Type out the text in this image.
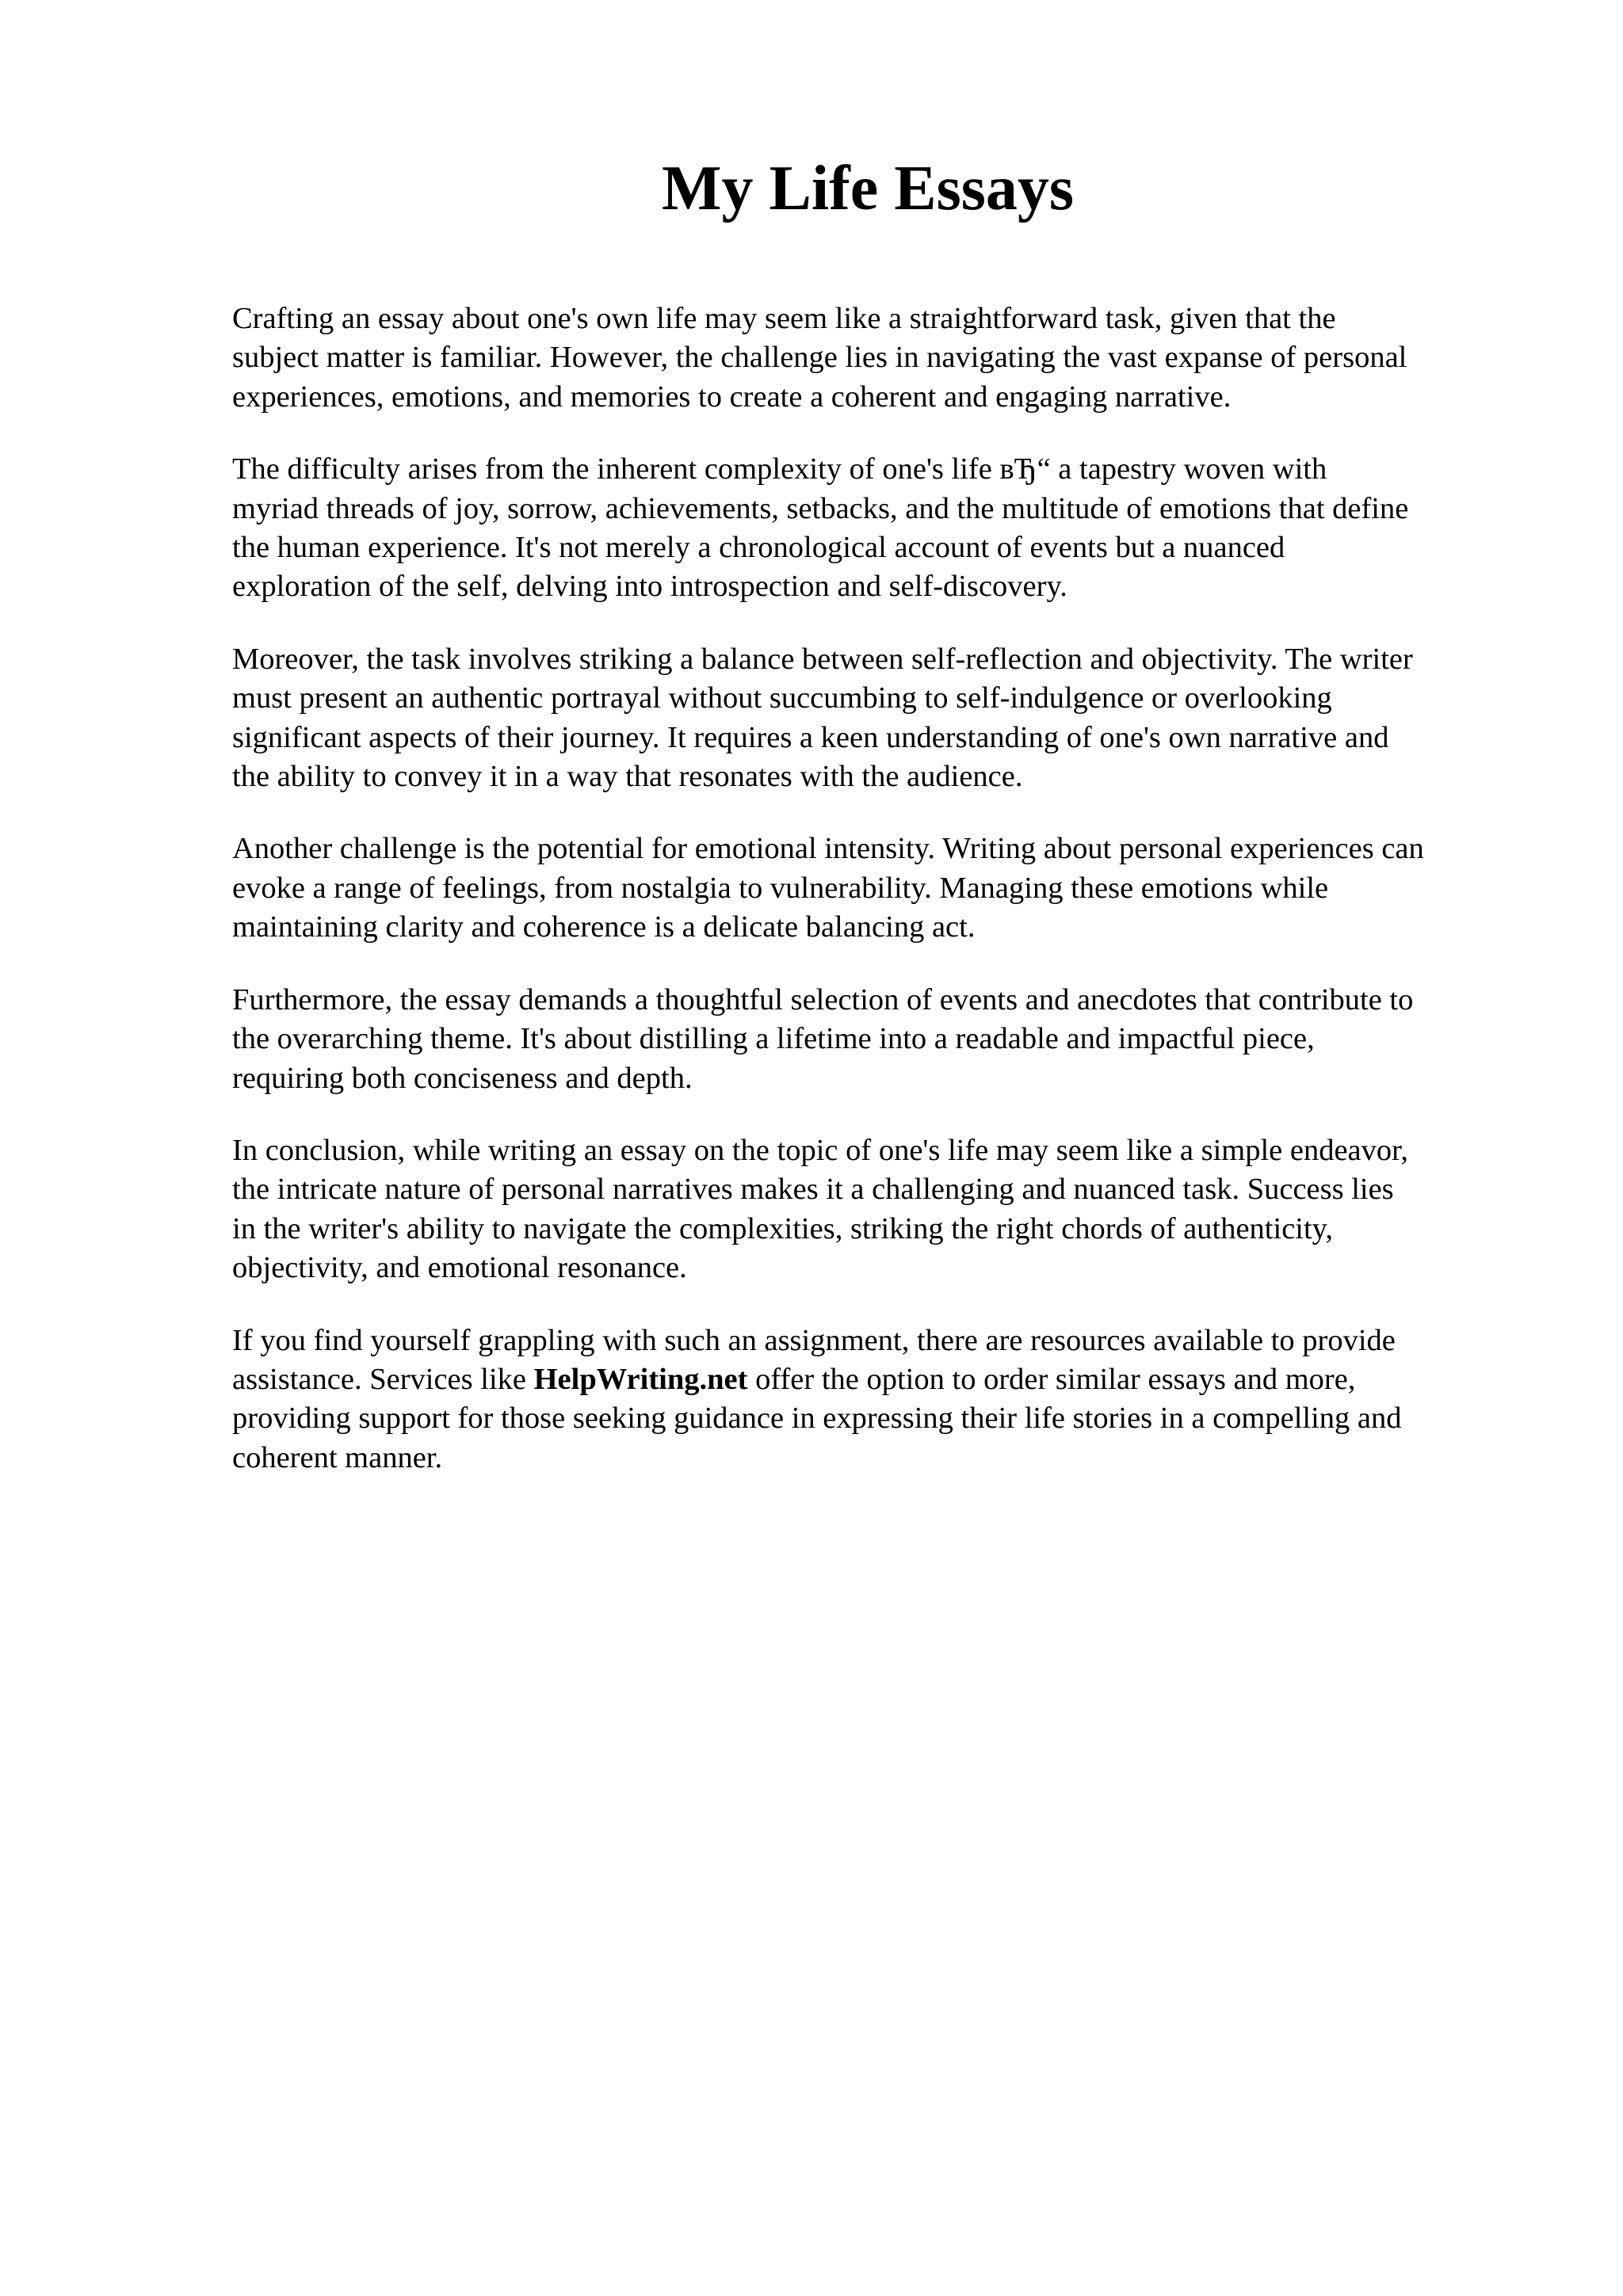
My Life Essays

Crafting an essay about one's own life may seem like a straightforward task, given that the
subject matter is familiar. However, the challenge lies in navigating the vast expanse of personal
experiences, emotions, and memories to create a coherent and engaging narrative.

The difficulty arises from the inherent complexity of one's life вЂ“ a tapestry woven with
myriad threads of joy, sorrow, achievements, setbacks, and the multitude of emotions that define
the human experience. It's not merely a chronological account of events but a nuanced
exploration of the self, delving into introspection and self-discovery.

Moreover, the task involves striking a balance between self-reflection and objectivity. The writer
must present an authentic portrayal without succumbing to self-indulgence or overlooking
significant aspects of their journey. It requires a keen understanding of one's own narrative and
the ability to convey it in a way that resonates with the audience.

Another challenge is the potential for emotional intensity. Writing about personal experiences can
evoke a range of feelings, from nostalgia to vulnerability. Managing these emotions while
maintaining clarity and coherence is a delicate balancing act.

Furthermore, the essay demands a thoughtful selection of events and anecdotes that contribute to
the overarching theme. It's about distilling a lifetime into a readable and impactful piece,
requiring both conciseness and depth.

In conclusion, while writing an essay on the topic of one's life may seem like a simple endeavor,
the intricate nature of personal narratives makes it a challenging and nuanced task. Success lies
in the writer's ability to navigate the complexities, striking the right chords of authenticity,
objectivity, and emotional resonance.

If you find yourself grappling with such an assignment, there are resources available to provide
assistance. Services like HelpWriting.net offer the option to order similar essays and more,
providing support for those seeking guidance in expressing their life stories in a compelling and
coherent manner.
